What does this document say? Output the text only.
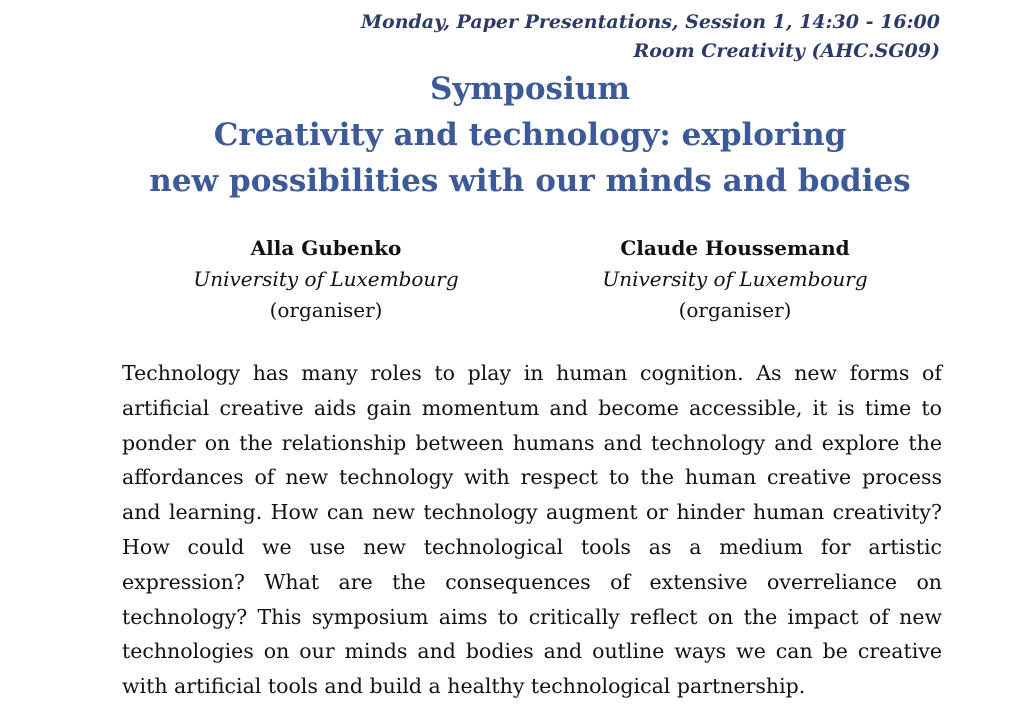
Monday, Paper Presentations, Session 1, 14:30 - 16:00
Room Creativity (AHC.SG09)
Symposium
Creativity and technology: exploring
new possibilities with our minds and bodies
Alla Gubenko
University of Luxembourg
(organiser)
Claude Houssemand
University of Luxembourg
(organiser)
Technology has many roles to play in human cognition. As new forms of artificial creative aids gain momentum and become accessible, it is time to ponder on the relationship between humans and technology and explore the affordances of new technology with respect to the human creative process and learning. How can new technology augment or hinder human creativity? How could we use new technological tools as a medium for artistic expression? What are the consequences of extensive overreliance on technology? This symposium aims to critically reflect on the impact of new technologies on our minds and bodies and outline ways we can be creative with artificial tools and build a healthy technological partnership.
